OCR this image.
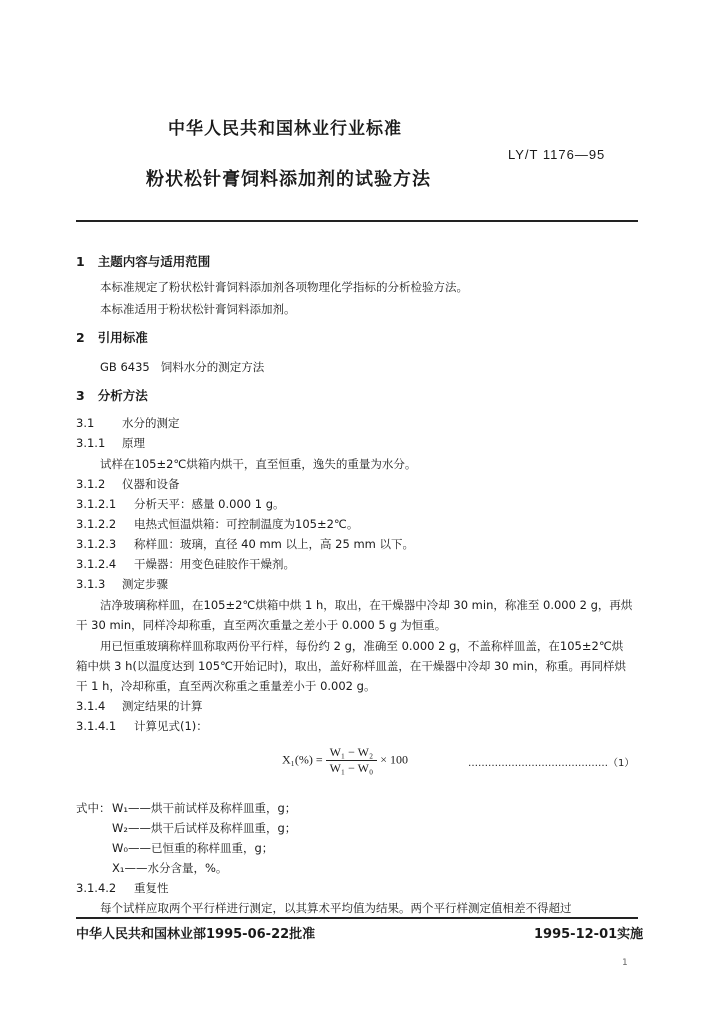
中华人民共和国林业行业标准
LY/T 1176—95
粉状松针膏饲料添加剂的试验方法
1 主题内容与适用范围
本标准规定了粉状松针膏饲料添加剂各项物理化学指标的分析检验方法。
本标准适用于粉状松针膏饲料添加剂。
2 引用标准
GB 6435 饲料水分的测定方法
3 分析方法
3.1 水分的测定
3.1.1 原理
试样在105±2℃烘箱内烘干，直至恒重，逸失的重量为水分。
3.1.2 仪器和设备
3.1.2.1 分析天平：感量 0.000 1 g。
3.1.2.2 电热式恒温烘箱：可控制温度为105±2℃。
3.1.2.3 称样皿：玻璃，直径 40 mm 以上，高 25 mm 以下。
3.1.2.4 干燥器：用变色硅胶作干燥剂。
3.1.3 测定步骤
洁净玻璃称样皿，在105±2℃烘箱中烘 1 h，取出，在干燥器中冷却 30 min，称准至 0.000 2 g，再烘
干 30 min，同样冷却称重，直至两次重量之差小于 0.000 5 g 为恒重。
用已恒重玻璃称样皿称取两份平行样，每份约 2 g，准确至 0.000 2 g，不盖称样皿盖，在105±2℃烘
箱中烘 3 h(以温度达到 105℃开始记时)，取出，盖好称样皿盖，在干燥器中冷却 30 min，称重。再同样烘
干 1 h，冷却称重，直至两次称重之重量差小于 0.002 g。
3.1.4 测定结果的计算
3.1.4.1 计算见式(1)：
$X_1(\%) = \frac{\text{W₁ − W₂}}{\text{W₁ − W₀}} \times 100$	……………………………………（1）
式中： W₁——烘干前试样及称样皿重，g；
W₂——烘干后试样及称样皿重，g；
W₀——已恒重的称样皿重，g；
X₁——水分含量，%。
3.1.4.2 重复性
每个试样应取两个平行样进行测定，以其算术平均值为结果。两个平行样测定值相差不得超过
中华人民共和国林业部1995-06-22批准	1995-12-01实施
1
